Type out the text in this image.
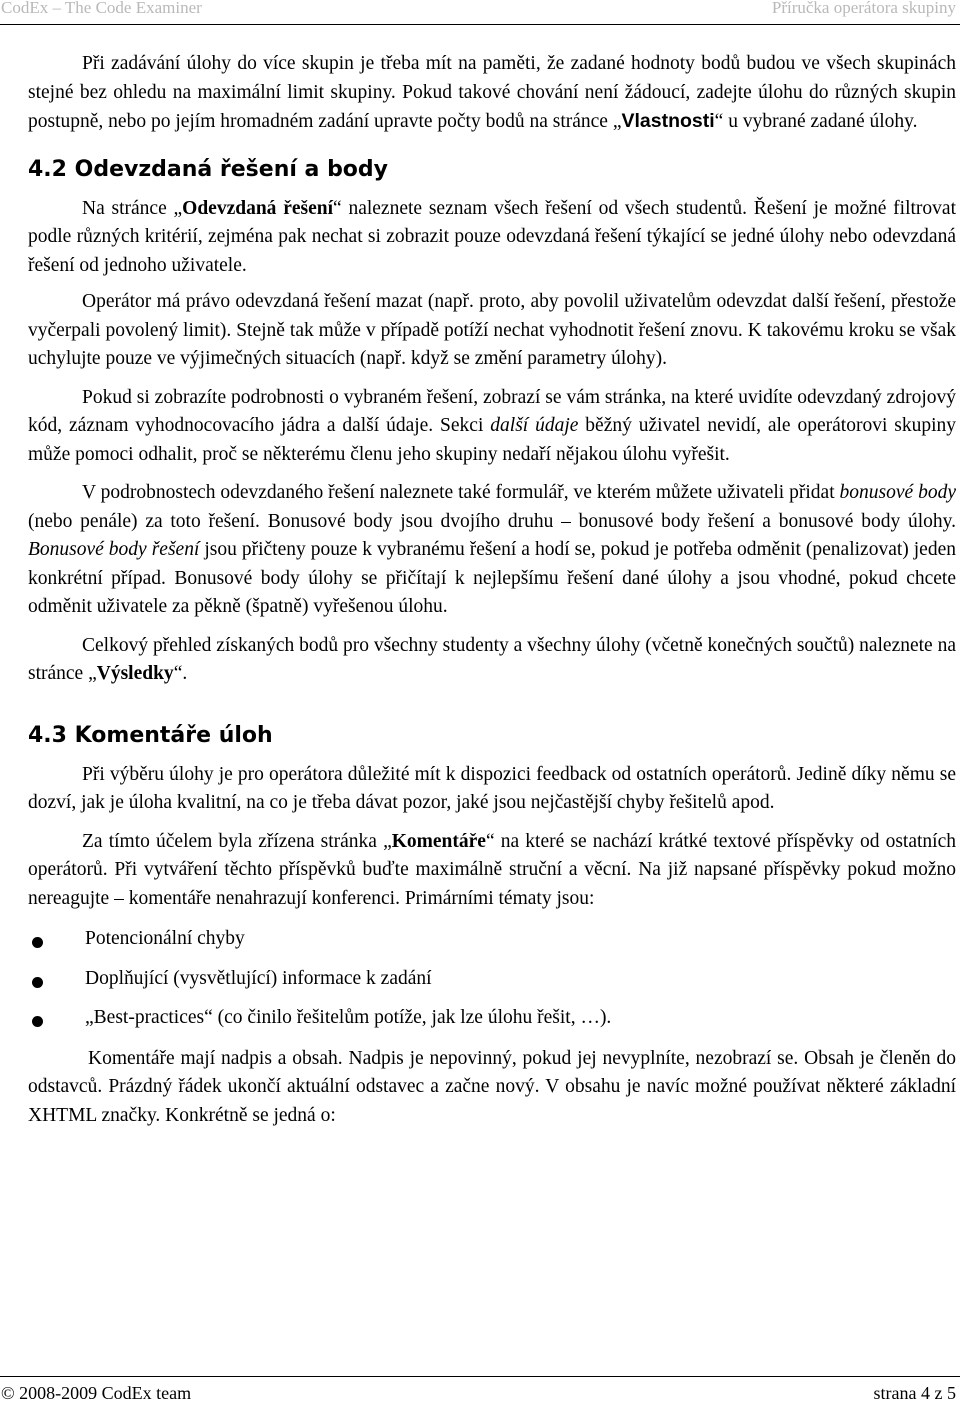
CodEx – The Code Examiner	Příručka operátora skupiny

Při zadávání úlohy do více skupin je třeba mít na paměti, že zadané hodnoty bodů budou ve všech skupinách stejné bez ohledu na maximální limit skupiny. Pokud takové chování není žádoucí, zadejte úlohu do různých skupin postupně, nebo po jejím hromadném zadání upravte počty bodů na stránce „Vlastnosti“ u vybrané zadané úlohy.

4.2 Odevzdaná řešení a body

Na stránce „Odevzdaná řešení“ naleznete seznam všech řešení od všech studentů. Řešení je možné filtrovat podle různých kritérií, zejména pak nechat si zobrazit pouze odevzdaná řešení týkající se jedné úlohy nebo odevzdaná řešení od jednoho uživatele.

Operátor má právo odevzdaná řešení mazat (např. proto, aby povolil uživatelům odevzdat další řešení, přestože vyčerpali povolený limit). Stejně tak může v případě potíží nechat vyhodnotit řešení znovu. K takovému kroku se však uchylujte pouze ve výjimečných situacích (např. když se změní parametry úlohy).

Pokud si zobrazíte podrobnosti o vybraném řešení, zobrazí se vám stránka, na které uvidíte odevzdaný zdrojový kód, záznam vyhodnocovacího jádra a další údaje. Sekci další údaje běžný uživatel nevidí, ale operátorovi skupiny může pomoci odhalit, proč se některému členu jeho skupiny nedaří nějakou úlohu vyřešit.

V podrobnostech odevzdaného řešení naleznete také formulář, ve kterém můžete uživateli přidat bonusové body (nebo penále) za toto řešení. Bonusové body jsou dvojího druhu – bonusové body řešení a bonusové body úlohy. Bonusové body řešení jsou přičteny pouze k vybranému řešení a hodí se, pokud je potřeba odměnit (penalizovat) jeden konkrétní případ. Bonusové body úlohy se přičítají k nejlepšímu řešení dané úlohy a jsou vhodné, pokud chcete odměnit uživatele za pěkně (špatně) vyřešenou úlohu.

Celkový přehled získaných bodů pro všechny studenty a všechny úlohy (včetně konečných součtů) naleznete na stránce „Výsledky“.

4.3 Komentáře úloh

Při výběru úlohy je pro operátora důležité mít k dispozici feedback od ostatních operátorů. Jedině díky němu se dozví, jak je úloha kvalitní, na co je třeba dávat pozor, jaké jsou nejčastější chyby řešitelů apod.

Za tímto účelem byla zřízena stránka „Komentáře“ na které se nachází krátké textové příspěvky od ostatních operátorů. Při vytváření těchto příspěvků buďte maximálně struční a věcní. Na již napsané příspěvky pokud možno nereagujte – komentáře nenahrazují konferenci. Primárními tématy jsou:

Potencionální chyby
Doplňující (vysvětlující) informace k zadání
„Best-practices“ (co činilo řešitelům potíže, jak lze úlohu řešit, …).

Komentáře mají nadpis a obsah. Nadpis je nepovinný, pokud jej nevyplníte, nezobrazí se. Obsah je členěn do odstavců. Prázdný řádek ukončí aktuální odstavec a začne nový. V obsahu je navíc možné používat některé základní XHTML značky. Konkrétně se jedná o:

© 2008-2009 CodEx team	strana 4 z 5
